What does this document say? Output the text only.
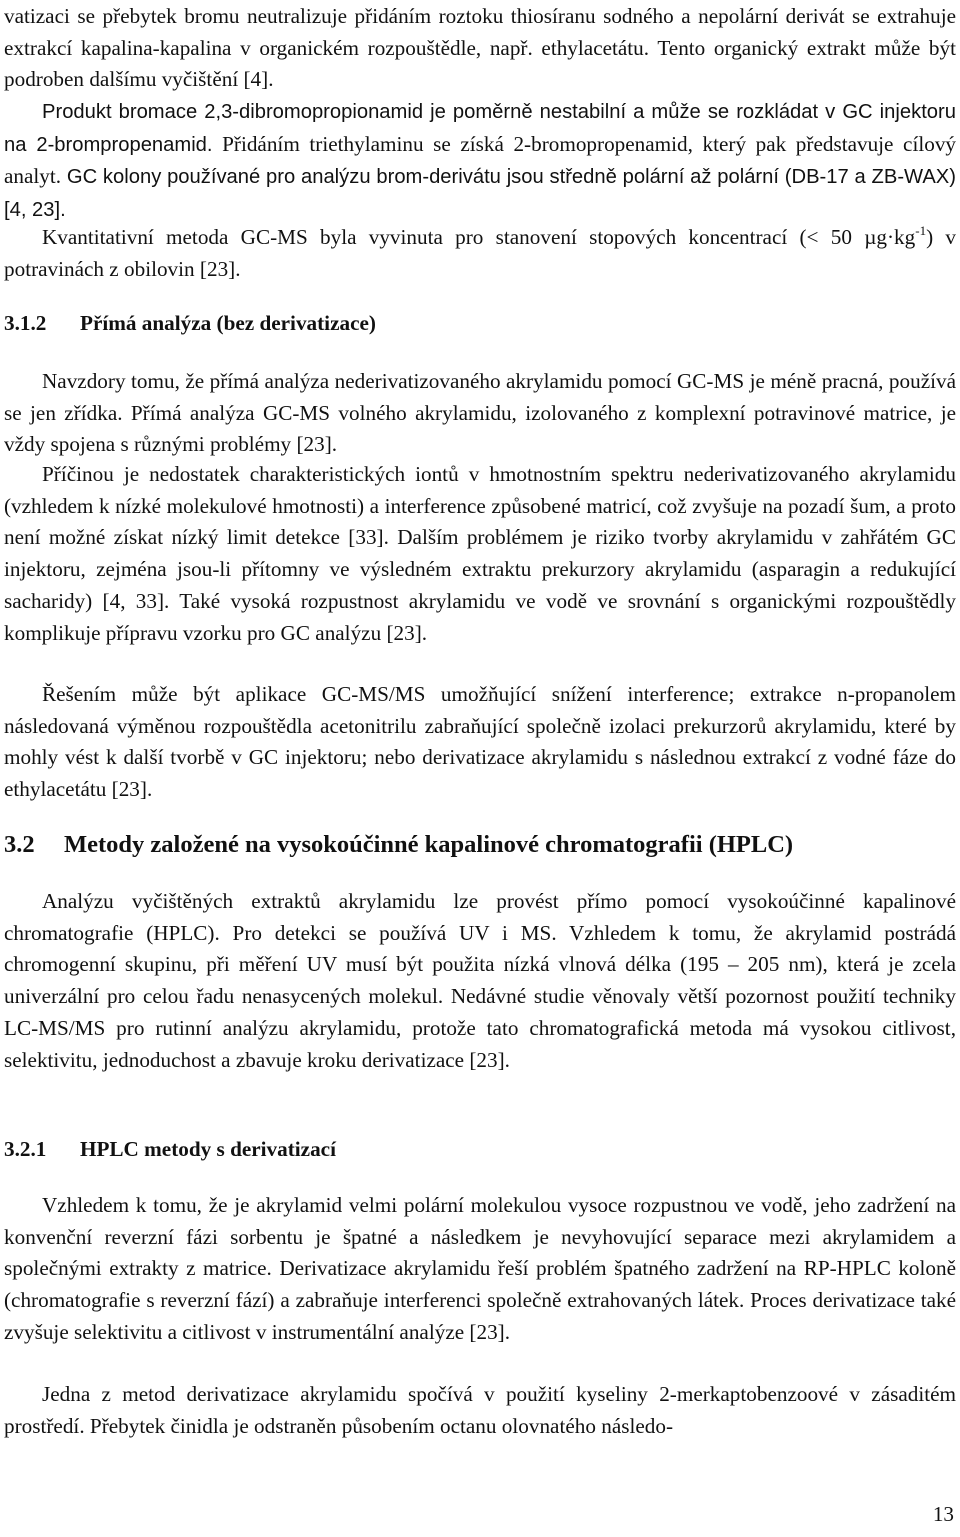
vatizaci se přebytek bromu neutralizuje přidáním roztoku thiosíranu sodného a nepolární derivát se extrahuje extrakcí kapalina-kapalina v organickém rozpouštědle, např. ethylacetátu. Tento organický extrakt může být podroben dalšímu vyčištění [4].

Produkt bromace 2,3-dibromopropionamid je poměrně nestabilní a může se rozkládat v GC injektoru na 2-brompropenamid. Přidáním triethylaminu se získá 2-bromopropenamid, který pak představuje cílový analyt. GC kolony používané pro analýzu brom-derivátu jsou středně polární až polární (DB-17 a ZB-WAX) [4, 23].

Kvantitativní metoda GC-MS byla vyvinuta pro stanovení stopových koncentrací (< 50 $\mu g\cdot kg^{-1}$) v potravinách z obilovin [23].

3.1.2	Přímá analýza (bez derivatizace)

Navzdory tomu, že přímá analýza nederivatizovaného akrylamidu pomocí GC-MS je méně pracná, používá se jen zřídka. Přímá analýza GC-MS volného akrylamidu, izolovaného z komplexní potravinové matrice, je vždy spojena s různými problémy [23].

Příčinou je nedostatek charakteristických iontů v hmotnostním spektru nederivatizovaného akrylamidu (vzhledem k nízké molekulové hmotnosti) a interference způsobené matricí, což zvyšuje na pozadí šum, a proto není možné získat nízký limit detekce [33]. Dalším problémem je riziko tvorby akrylamidu v zahřátém GC injektoru, zejména jsou-li přítomny ve výsledném extraktu prekurzory akrylamidu (asparagin a redukující sacharidy) [4, 33]. Také vysoká rozpustnost akrylamidu ve vodě ve srovnání s organickými rozpouštědly komplikuje přípravu vzorku pro GC analýzu [23].

Řešením může být aplikace GC-MS/MS umožňující snížení interference; extrakce n-propanolem následovaná výměnou rozpouštědla acetonitrilu zabraňující společně izolaci prekurzorů akrylamidu, které by mohly vést k další tvorbě v GC injektoru; nebo derivatizace akrylamidu s následnou extrakcí z vodné fáze do ethylacetátu [23].

3.2	Metody založené na vysokoúčinné kapalinové chromatografii (HPLC)

Analýzu vyčištěných extraktů akrylamidu lze provést přímo pomocí vysokoúčinné kapalinové chromatografie (HPLC). Pro detekci se používá UV i MS. Vzhledem k tomu, že akrylamid postrádá chromogenní skupinu, při měření UV musí být použita nízká vlnová délka (195 – 205 nm), která je zcela univerzální pro celou řadu nenasycených molekul. Nedávné studie věnovaly větší pozornost použití techniky LC-MS/MS pro rutinní analýzu akrylamidu, protože tato chromatografická metoda má vysokou citlivost, selektivitu, jednoduchost a zbavuje kroku derivatizace [23].

3.2.1	HPLC metody s derivatizací

Vzhledem k tomu, že je akrylamid velmi polární molekulou vysoce rozpustnou ve vodě, jeho zadržení na konvenční reverzní fázi sorbentu je špatné a následkem je nevyhovující separace mezi akrylamidem a společnými extrakty z matrice. Derivatizace akrylamidu řeší problém špatného zadržení na RP-HPLC koloně (chromatografie s reverzní fází) a zabraňuje interferenci společně extrahovaných látek. Proces derivatizace také zvyšuje selektivitu a citlivost v instrumentální analýze [23].

Jedna z metod derivatizace akrylamidu spočívá v použití kyseliny 2-merkaptobenzoové v zásaditém prostředí. Přebytek činidla je odstraněn působením octanu olovnatého následo-

13
